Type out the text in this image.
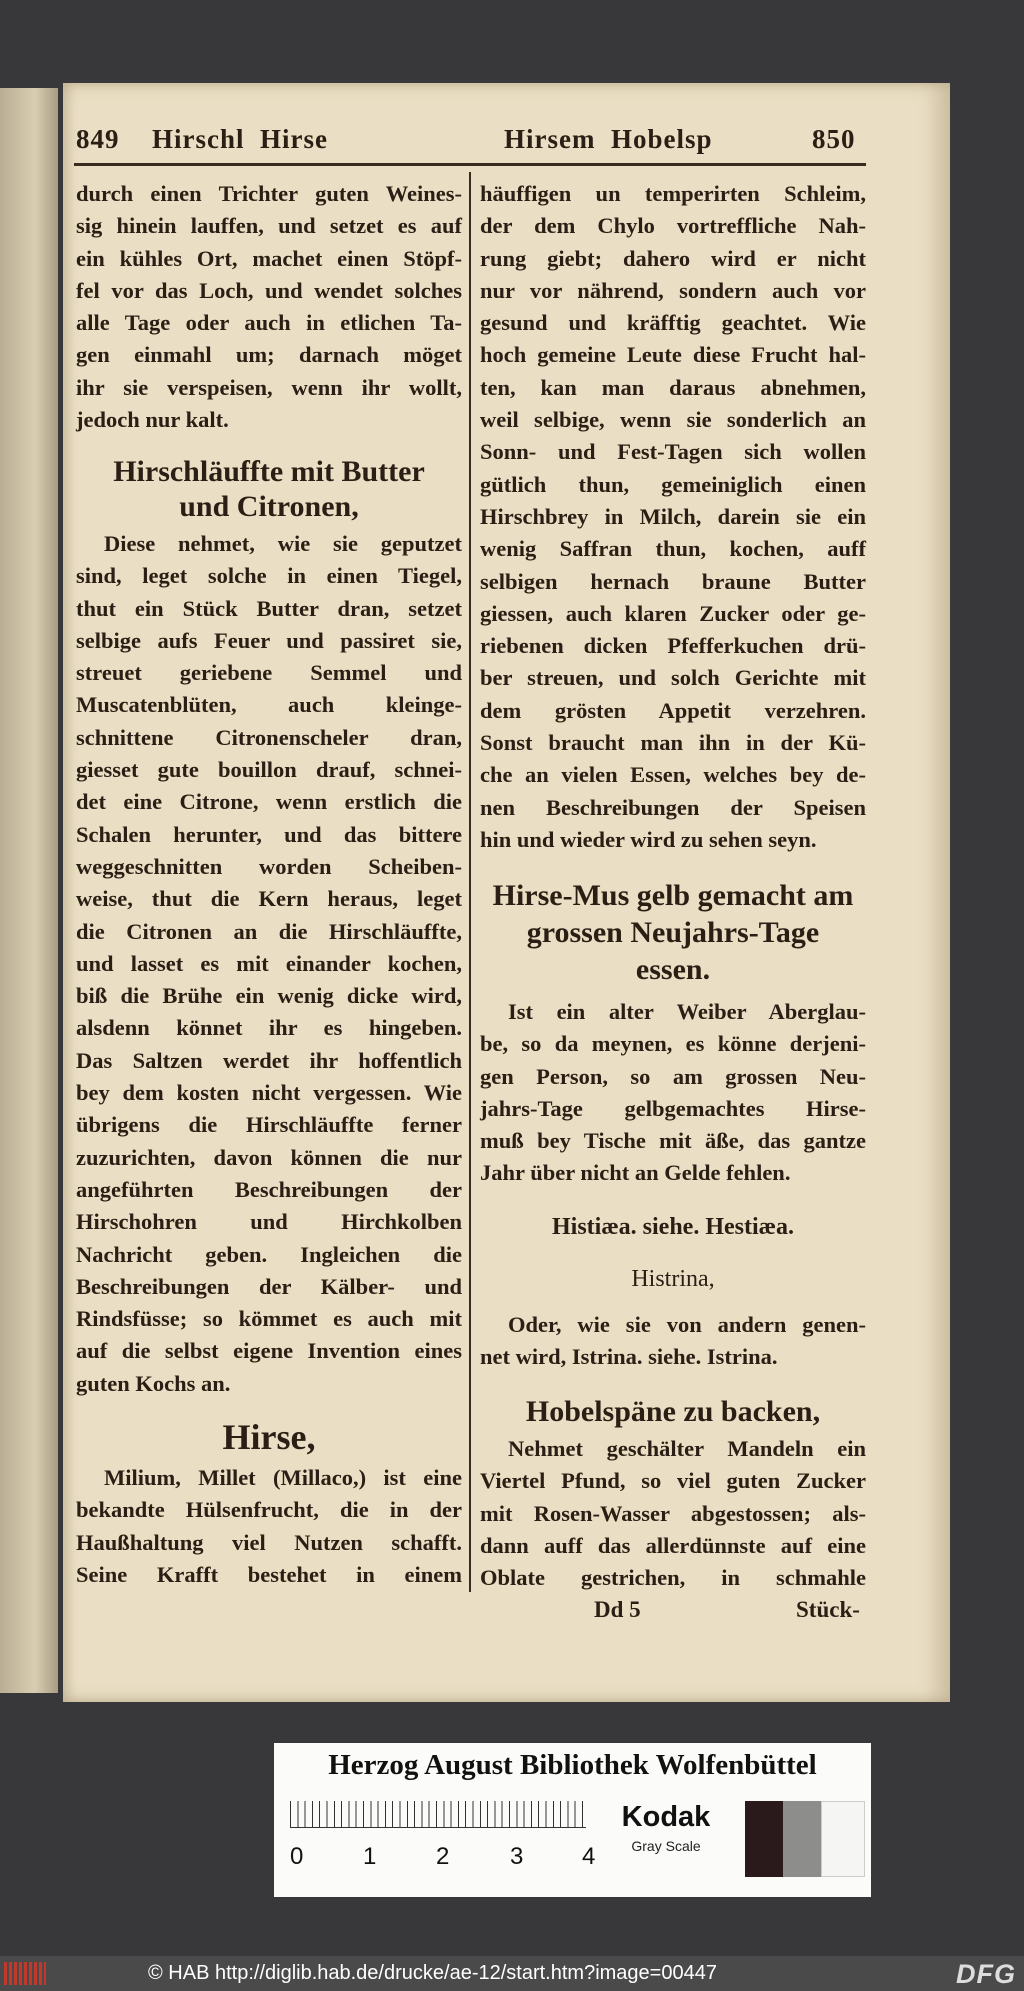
849 Hirschl  Hirse	Hirsem  Hobelsp	850
durch einen Trichter guten Weines-
sig hinein lauffen, und setzet es auf
ein kühles Ort, machet einen Stöpf-
fel vor das Loch, und wendet solches
alle Tage oder auch in etlichen Ta-
gen einmahl um; darnach möget
ihr sie verspeisen, wenn ihr wollt,
jedoch nur kalt.
Hirschläuffte mit Butter
und Citronen,
Diese nehmet, wie sie geputzet
sind, leget solche in einen Tiegel,
thut ein Stück Butter dran, setzet
selbige aufs Feuer und passiret sie,
streuet geriebene Semmel und
Muscatenblüten, auch kleinge-
schnittene Citronenscheler dran,
giesset gute bouillon drauf, schnei-
det eine Citrone, wenn erstlich die
Schalen herunter, und das bittere
weggeschnitten worden Scheiben-
weise, thut die Kern heraus, leget
die Citronen an die Hirschläuffte,
und lasset es mit einander kochen,
biß die Brühe ein wenig dicke wird,
alsdenn könnet ihr es hingeben.
Das Saltzen werdet ihr hoffentlich
bey dem kosten nicht vergessen. Wie
übrigens die Hirschläuffte ferner
zuzurichten, davon können die nur
angeführten Beschreibungen der
Hirschohren und Hirchkolben
Nachricht geben. Ingleichen die
Beschreibungen der Kälber- und
Rindsfüsse; so kömmet es auch mit
auf die selbst eigene Invention eines
guten Kochs an.
Hirse,
Milium, Millet (Millaco,) ist eine
bekandte Hülsenfrucht, die in der
Haußhaltung viel Nutzen schafft.
Seine Krafft bestehet in einem
häuffigen un temperirten Schleim,
der dem Chylo vortreffliche Nah-
rung giebt; dahero wird er nicht
nur vor nährend, sondern auch vor
gesund und kräfftig geachtet. Wie
hoch gemeine Leute diese Frucht hal-
ten, kan man daraus abnehmen,
weil selbige, wenn sie sonderlich an
Sonn- und Fest-Tagen sich wollen
gütlich thun, gemeiniglich einen
Hirschbrey in Milch, darein sie ein
wenig Saffran thun, kochen, auff
selbigen hernach braune Butter
giessen, auch klaren Zucker oder ge-
riebenen dicken Pfefferkuchen drü-
ber streuen, und solch Gerichte mit
dem grösten Appetit verzehren.
Sonst braucht man ihn in der Kü-
che an vielen Essen, welches bey de-
nen Beschreibungen der Speisen
hin und wieder wird zu sehen seyn.
Hirse-Mus gelb gemacht am
grossen Neujahrs-Tage
essen.
Ist ein alter Weiber Aberglau-
be, so da meynen, es könne derjeni-
gen Person, so am grossen Neu-
jahrs-Tage gelbgemachtes Hirse-
muß bey Tische mit äße, das gantze
Jahr über nicht an Gelde fehlen.
Histiæa. siehe. Hestiæa.
Histrina,
Oder, wie sie von andern genen-
net wird, Istrina. siehe. Istrina.
Hobelspäne zu backen,
Nehmet geschälter Mandeln ein
Viertel Pfund, so viel guten Zucker
mit Rosen-Wasser abgestossen; als-
dann auff das allerdünnste auf eine
Oblate gestrichen, in schmahle
Dd 5	Stück-
Herzog August Bibliothek Wolfenbüttel
0 1 2	3 4
Kodak
Gray Scale
© HAB http://diglib.hab.de/drucke/ae-12/start.htm?image=00447	DFG
